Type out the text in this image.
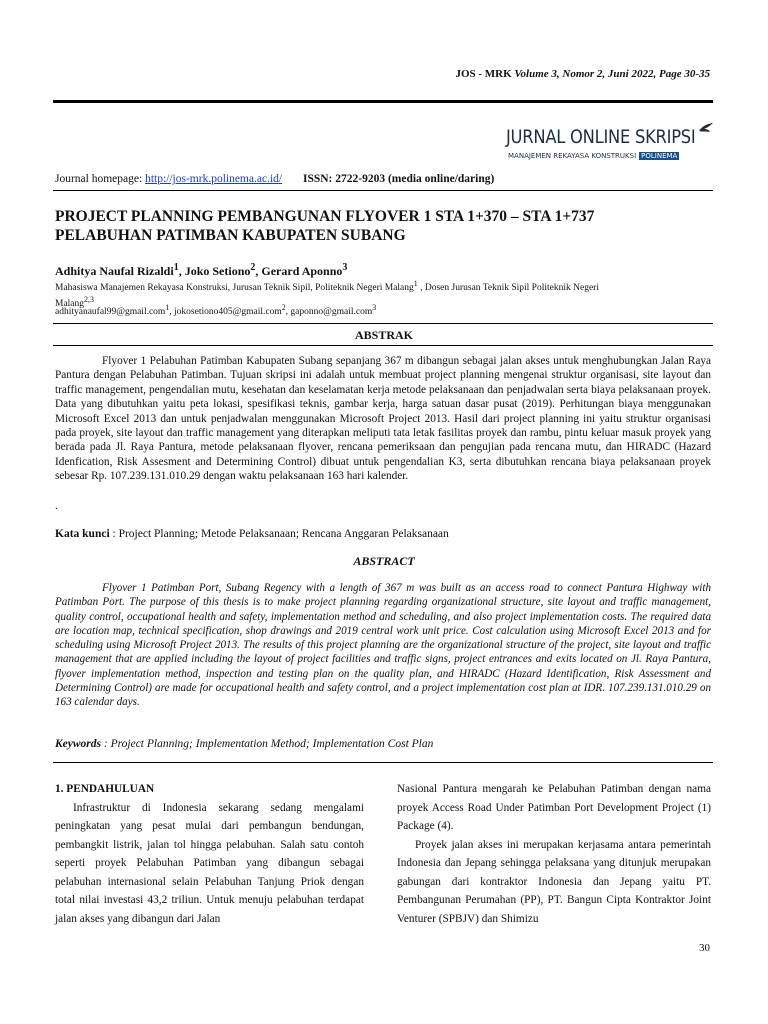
JOS - MRK Volume 3, Nomor 2, Juni 2022, Page 30-35
JURNAL ONLINE SKRIPSI
MANAJEMEN REKAYASA KONSTRUKSI POLINEMA
Journal homepage: http://jos-mrk.polinema.ac.id/ ISSN: 2722-9203 (media online/daring)
PROJECT PLANNING PEMBANGUNAN FLYOVER 1 STA 1+370 – STA 1+737
PELABUHAN PATIMBAN KABUPATEN SUBANG
Adhitya Naufal Rizaldi$^1$, Joko Setiono$^2$, Gerard Aponno$^3$
Mahasiswa Manajemen Rekayasa Konstruksi, Jurusan Teknik Sipil, Politeknik Negeri Malang$^1$ , Dosen Jurusan Teknik Sipil Politeknik Negeri
Malang$^{2,3}$
adhityanaufal99@gmail.com$^1$, jokosetiono405@gmail.com$^2$, gaponno@gmail.com$^3$
ABSTRAK
Flyover 1 Pelabuhan Patimban Kabupaten Subang sepanjang 367 m dibangun sebagai jalan akses untuk menghubungkan Jalan Raya Pantura dengan Pelabuhan Patimban. Tujuan skripsi ini adalah untuk membuat project planning mengenai struktur organisasi, site layout dan traffic management, pengendalian mutu, kesehatan dan keselamatan kerja metode pelaksanaan dan penjadwalan serta biaya pelaksanaan proyek. Data yang dibutuhkan yaitu peta lokasi, spesifikasi teknis, gambar kerja, harga satuan dasar pusat (2019). Perhitungan biaya menggunakan Microsoft Excel 2013 dan untuk penjadwalan menggunakan Microsoft Project 2013. Hasil dari project planning ini yaitu struktur organisasi pada proyek, site layout dan traffic management yang diterapkan meliputi tata letak fasilitas proyek dan rambu, pintu keluar masuk proyek yang berada pada Jl. Raya Pantura, metode pelaksanaan flyover, rencana pemeriksaan dan pengujian pada rencana mutu, dan HIRADC (Hazard Idenfication, Risk Assesment and Determining Control) dibuat untuk pengendalian K3, serta dibutuhkan rencana biaya pelaksanaan proyek sebesar Rp. 107.239.131.010.29 dengan waktu pelaksanaan 163 hari kalender.
.
Kata kunci : Project Planning; Metode Pelaksanaan; Rencana Anggaran Pelaksanaan
ABSTRACT
Flyover 1 Patimban Port, Subang Regency with a length of 367 m was built as an access road to connect Pantura Highway with Patimban Port. The purpose of this thesis is to make project planning regarding organizational structure, site layout and traffic management, quality control, occupational health and safety, implementation method and scheduling, and also project implementation costs. The required data are location map, technical specification, shop drawings and 2019 central work unit price. Cost calculation using Microsoft Excel 2013 and for scheduling using Microsoft Project 2013. The results of this project planning are the organizational structure of the project, site layout and traffic management that are applied including the layout of project facilities and traffic signs, project entrances and exits located on Jl. Raya Pantura, flyover implementation method, inspection and testing plan on the quality plan, and HIRADC (Hazard Identification, Risk Assessment and Determining Control) are made for occupational health and safety control, and a project implementation cost plan at IDR. 107.239.131.010.29 on 163 calendar days.
Keywords : Project Planning; Implementation Method; Implementation Cost Plan
1. PENDAHULUAN
Infrastruktur di Indonesia sekarang sedang mengalami peningkatan yang pesat mulai dari pembangun bendungan, pembangkit listrik, jalan tol hingga pelabuhan. Salah satu contoh seperti proyek Pelabuhan Patimban yang dibangun sebagai pelabuhan internasional selain Pelabuhan Tanjung Priok dengan total nilai investasi 43,2 triliun. Untuk menuju pelabuhan terdapat jalan akses yang dibangun dari Jalan
Nasional Pantura mengarah ke Pelabuhan Patimban dengan nama proyek Access Road Under Patimban Port Development Project (1) Package (4).
Proyek jalan akses ini merupakan kerjasama antara pemerintah Indonesia dan Jepang sehingga pelaksana yang ditunjuk merupakan gabungan dari kontraktor Indonesia dan Jepang yaitu PT. Pembangunan Perumahan (PP), PT. Bangun Cipta Kontraktor Joint Venturer (SPBJV) dan Shimizu
30
